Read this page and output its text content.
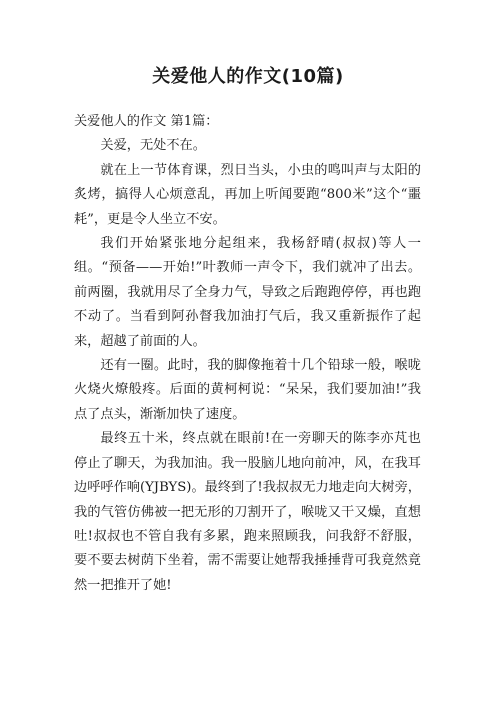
关爱他人的作文(10篇)

关爱他人的作文 第1篇：

关爱，无处不在。

就在上一节体育课，烈日当头，小虫的鸣叫声与太阳的炙烤，搞得人心烦意乱，再加上听闻要跑“800米”这个“噩耗”，更是令人坐立不安。

我们开始紧张地分起组来，我杨舒晴(叔叔)等人一组。“预备——开始!”叶教师一声令下，我们就冲了出去。前两圈，我就用尽了全身力气，导致之后跑跑停停，再也跑不动了。当看到阿孙督我加油打气后，我又重新振作了起来，超越了前面的人。

还有一圈。此时，我的脚像拖着十几个铅球一般，喉咙火烧火燎般疼。后面的黄柯柯说：“呆呆，我们要加油!”我点了点头，渐渐加快了速度。

最终五十米，终点就在眼前!在一旁聊天的陈李亦芃也停止了聊天，为我加油。我一股脑儿地向前冲，风，在我耳边呼呼作响(YJBYS)。最终到了!我叔叔无力地走向大树旁，我的气管仿佛被一把无形的刀割开了，喉咙又干又燥，直想吐!叔叔也不管自我有多累，跑来照顾我，问我舒不舒服，要不要去树荫下坐着，需不需要让她帮我捶捶背可我竟然竟然一把推开了她!
